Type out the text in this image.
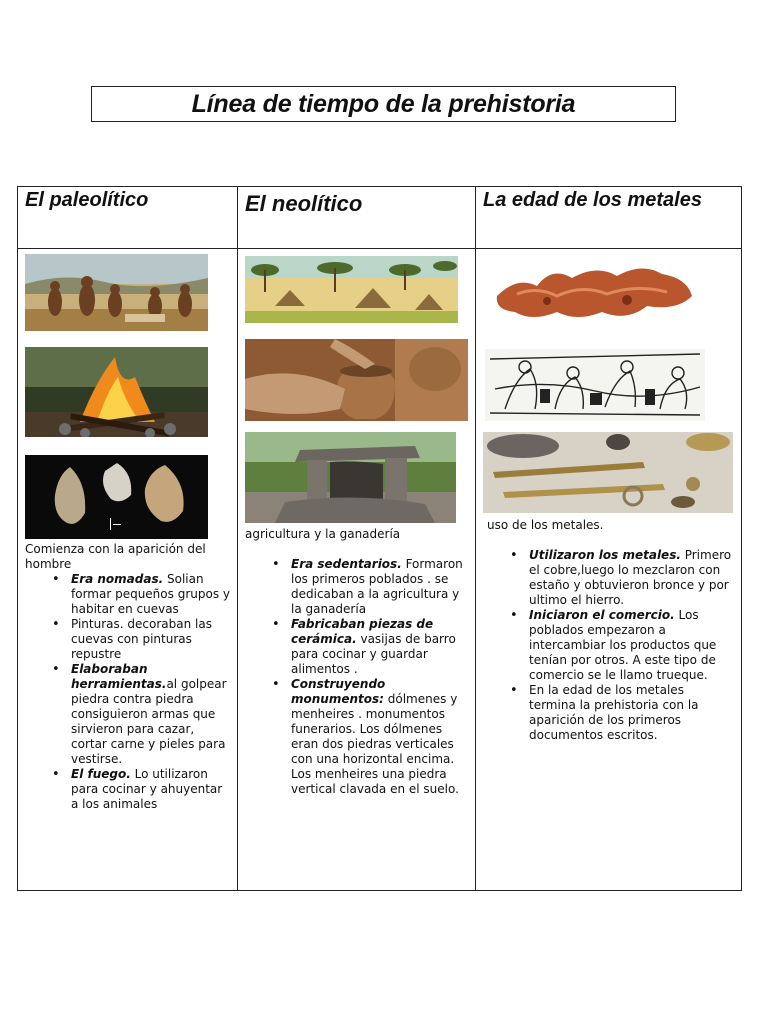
Línea de tiempo de la prehistoria
El paleolítico	El neolítico	La edad de los metales
Comienza con la aparición del hombre
• Era nomadas. Solian formar pequeños grupos y habitar en cuevas
• Pinturas. decoraban las cuevas con pinturas repustre
• Elaboraban herramientas.al golpear piedra contra piedra consiguieron armas que sirvieron para cazar, cortar carne y pieles para vestirse.
• El fuego. Lo utilizaron para cocinar y ahuyentar a los animales
agricultura y la ganadería
• Era sedentarios. Formaron los primeros poblados . se dedicaban a la agricultura y la ganadería
• Fabricaban piezas de cerámica. vasijas de barro para cocinar y guardar alimentos .
• Construyendo monumentos: dólmenes y menheires . monumentos funerarios. Los dólmenes eran dos piedras verticales con una horizontal encima. Los menheires una piedra vertical clavada en el suelo.
uso de los metales.
• Utilizaron los metales. Primero el cobre,luego lo mezclaron con estaño y obtuvieron bronce y por ultimo el hierro.
• Iniciaron el comercio. Los poblados empezaron a intercambiar los productos que tenían por otros. A este tipo de comercio se le llamo trueque.
• En la edad de los metales termina la prehistoria con la aparición de los primeros documentos escritos.
